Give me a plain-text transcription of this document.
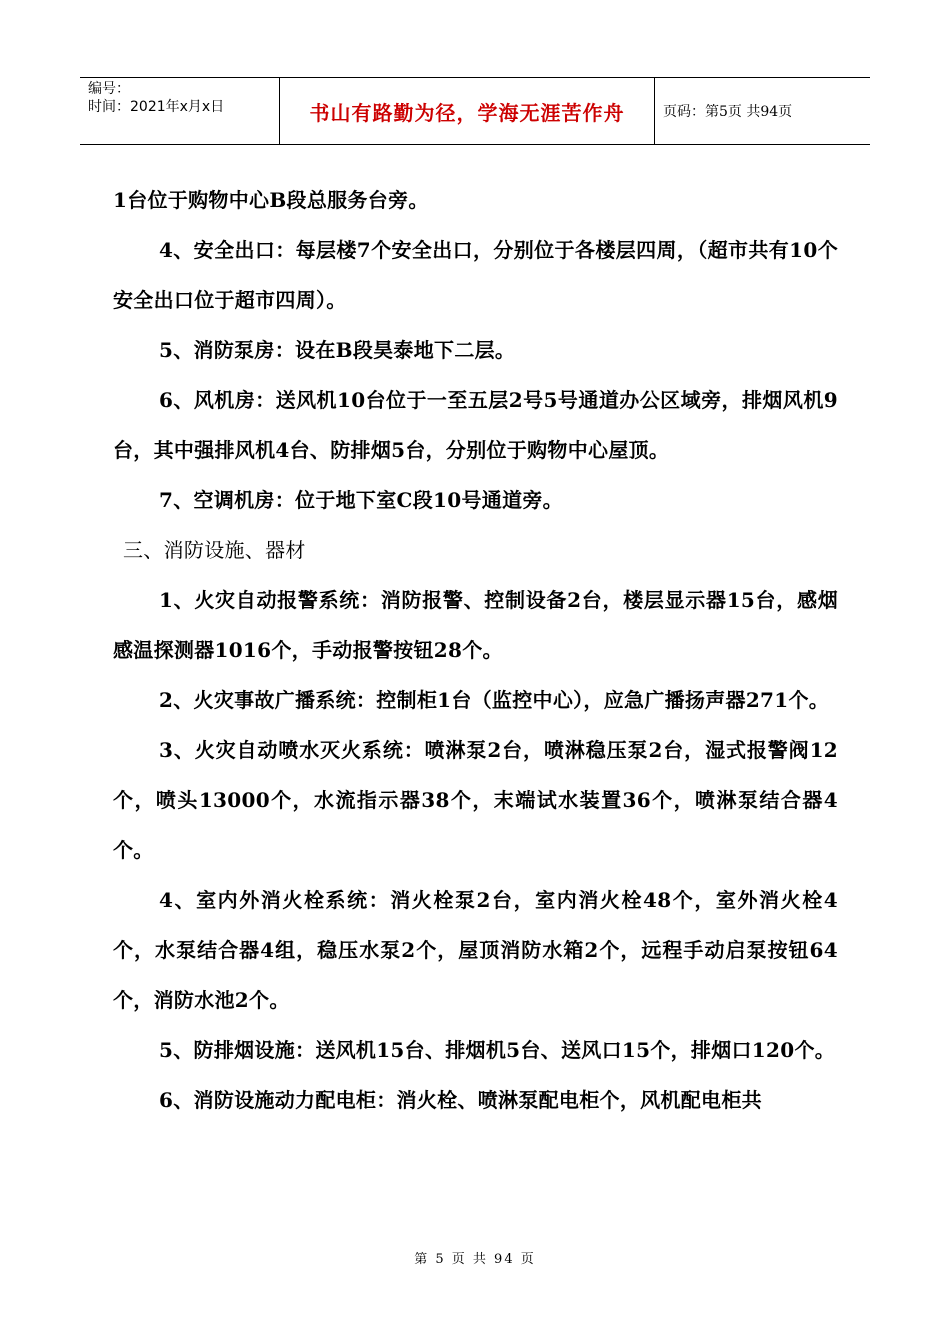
编号：
时间：2021年x月x日	书山有路勤为径，学海无涯苦作舟	页码：第5页 共94页

1台位于购物中心B段总服务台旁。

4、安全出口：每层楼7个安全出口，分别位于各楼层四周，（超市共有10个安全出口位于超市四周）。

5、消防泵房：设在B段昊泰地下二层。

6、风机房：送风机10台位于一至五层2号5号通道办公区域旁，排烟风机9台，其中强排风机4台、防排烟5台，分别位于购物中心屋顶。

7、空调机房：位于地下室C段10号通道旁。

三、消防设施、器材

1、火灾自动报警系统：消防报警、控制设备2台，楼层显示器15台，感烟感温探测器1016个，手动报警按钮28个。

2、火灾事故广播系统：控制柜1台（监控中心），应急广播扬声器271个。

3、火灾自动喷水灭火系统：喷淋泵2台，喷淋稳压泵2台，湿式报警阀12个，喷头13000个，水流指示器38个，末端试水装置36个，喷淋泵结合器4个。

4、室内外消火栓系统：消火栓泵2台，室内消火栓48个，室外消火栓4个，水泵结合器4组，稳压水泵2个，屋顶消防水箱2个，远程手动启泵按钮64个，消防水池2个。

5、防排烟设施：送风机15台、排烟机5台、送风口15个，排烟口120个。

6、消防设施动力配电柜：消火栓、喷淋泵配电柜个，风机配电柜共

第 5 页 共 94 页
